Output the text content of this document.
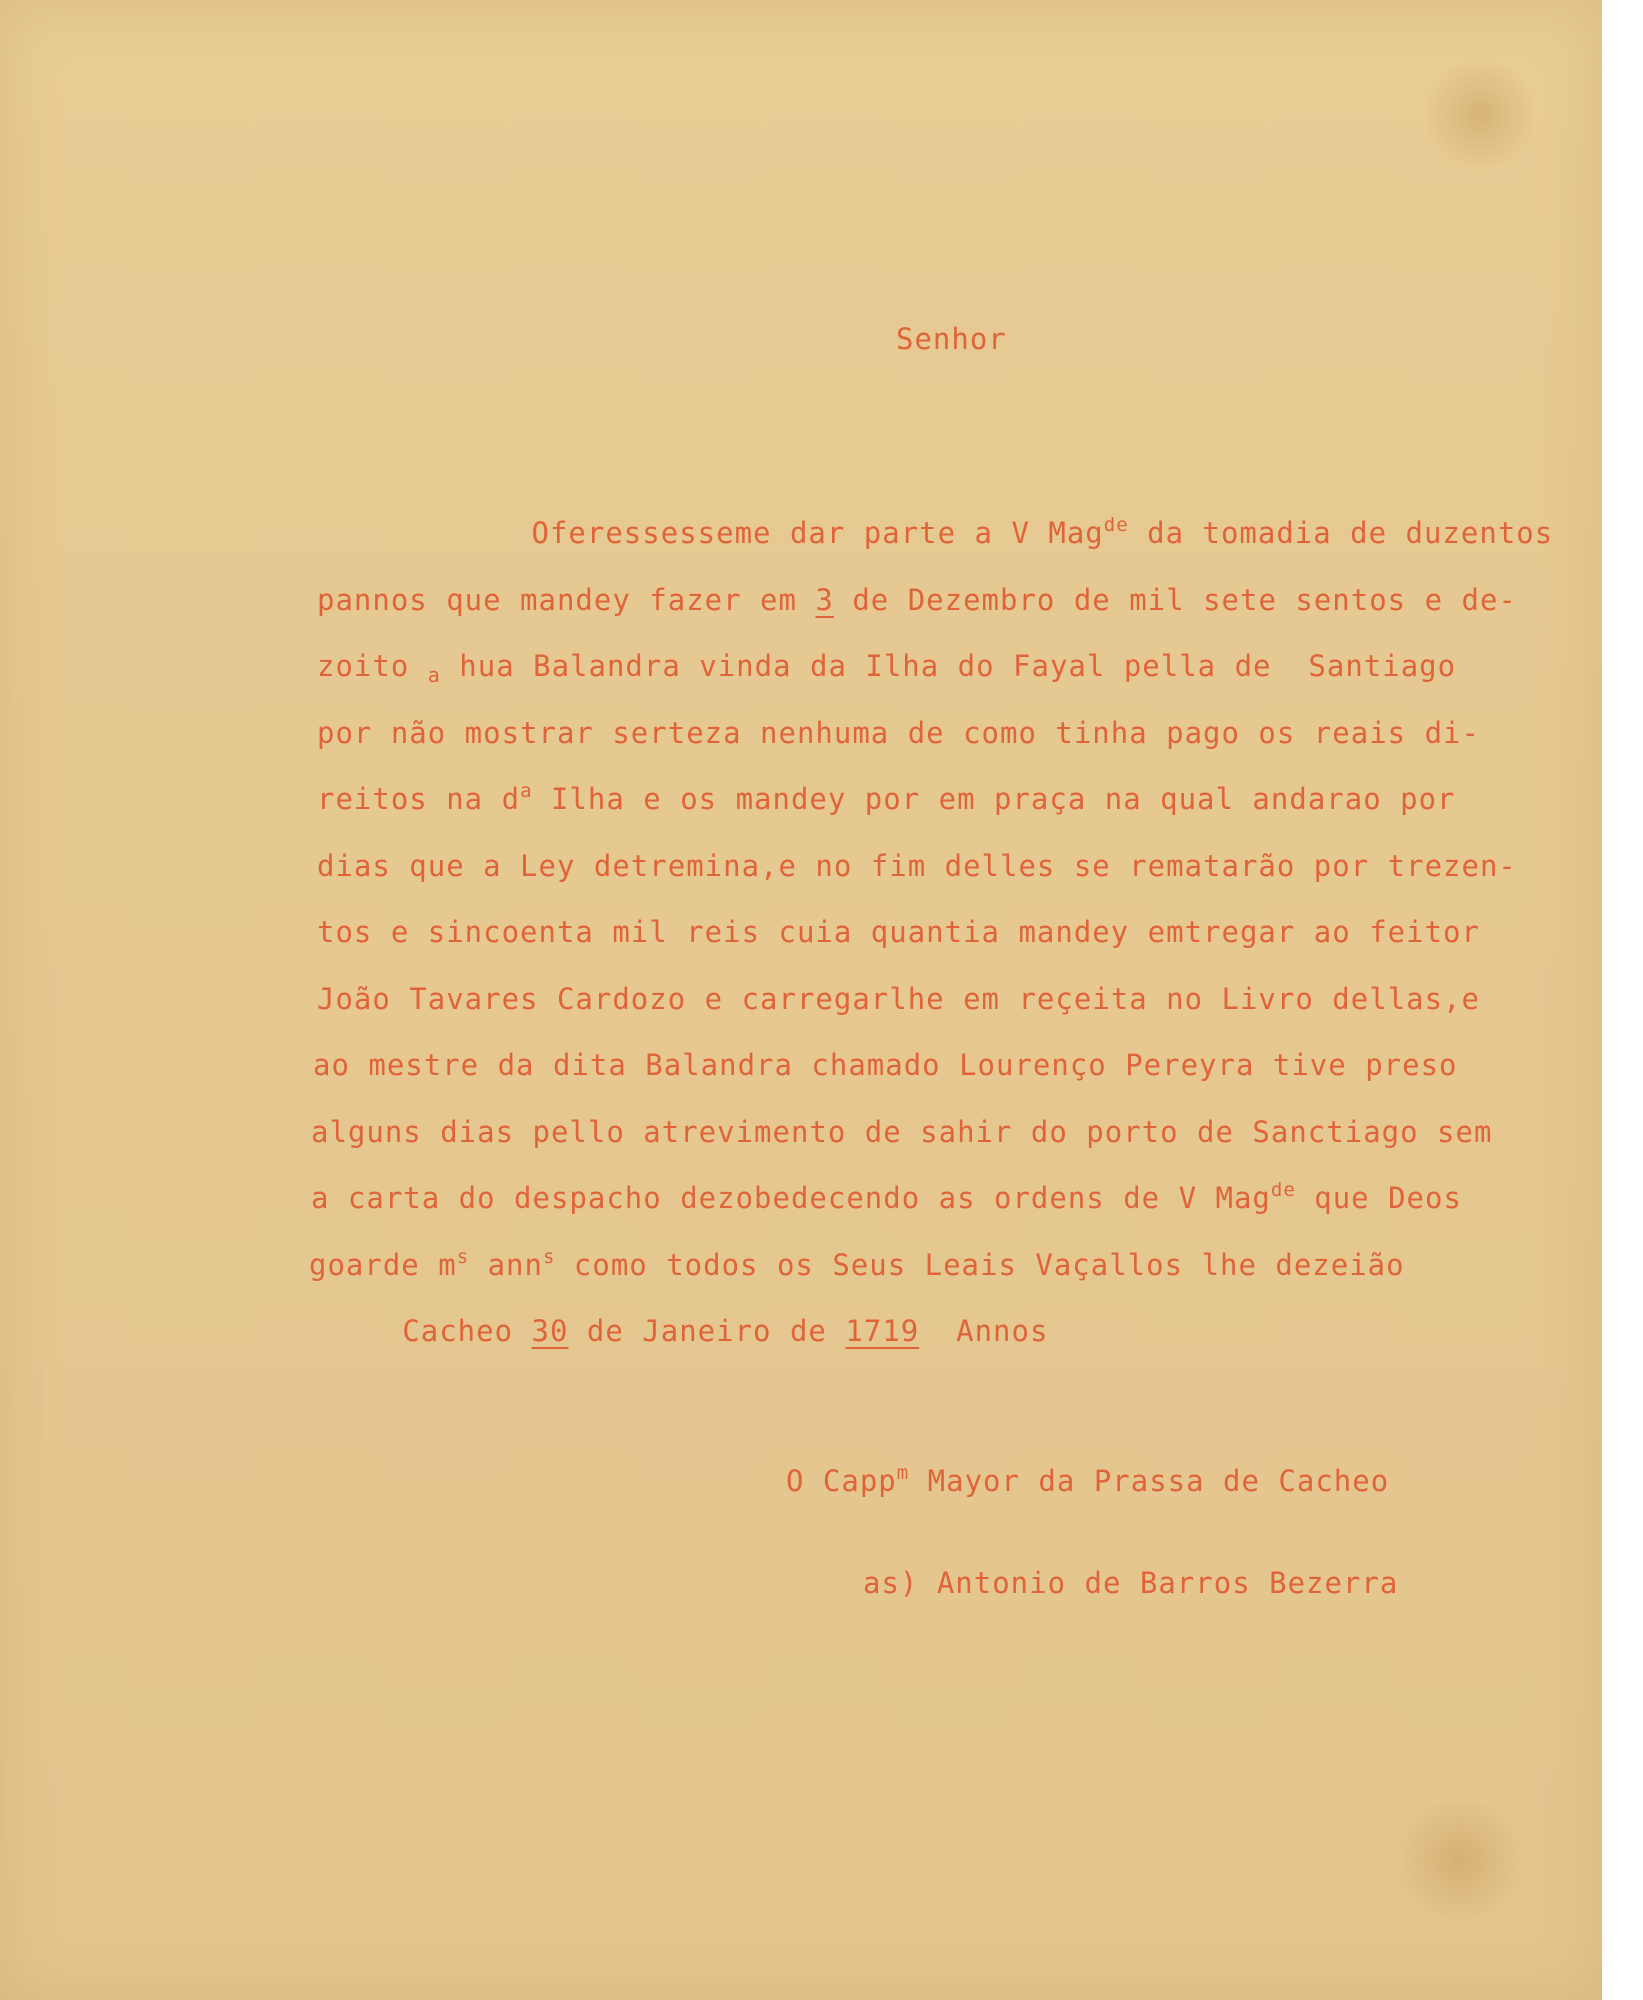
Senhor
Oferessesseme dar parte a V Mag$^{de}$ da tomadia de duzentos
pannos que mandey fazer em 3 de Dezembro de mil sete sentos e de-
zoito $_a$ hua Balandra vinda da Ilha do Fayal pella de  Santiago
por não mostrar serteza nenhuma de como tinha pago os reais di-
reitos na $d^a$ Ilha e os mandey por em praça na qual andarao por
dias que a Ley detremina,e no fim delles se rematarão por trezen-
tos e sincoenta mil reis cuia quantia mandey emtregar ao feitor
João Tavares Cardozo e carregarlhe em reçeita no Livro dellas,e
ao mestre da dita Balandra chamado Lourenço Pereyra tive preso
alguns dias pello atrevimento de sahir do porto de Sanctiago sem
a carta do despacho dezobedecendo as ordens de V Mag$^{de}$ que Deos
goarde $m^s$ ann$^s$ como todos os Seus Leais Vaçallos lhe dezeião
Cacheo 30 de Janeiro de 1719  Annos
O Capp$^m$ Mayor da Prassa de Cacheo
as) Antonio de Barros Bezerra
